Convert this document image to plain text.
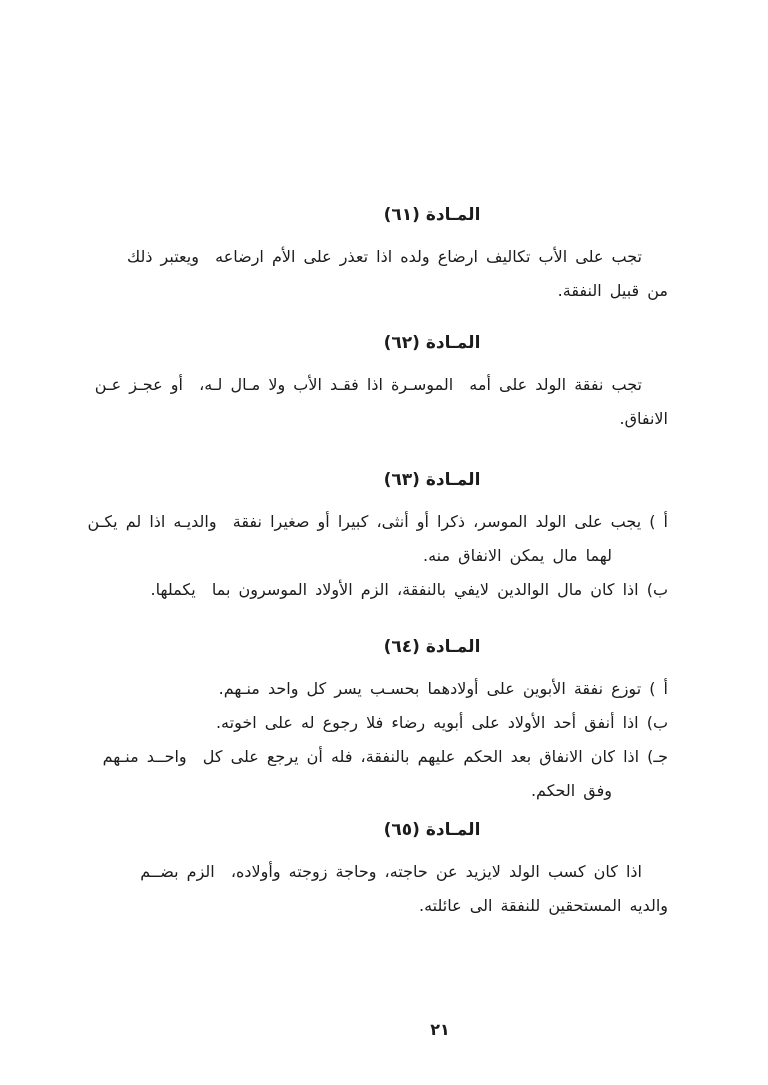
المـادة (٦١)

تجب على الأب تكاليف ارضاع ولده اذا تعذر على الأم ارضاعه  ويعتبر ذلك

من قبيل النفقة.

المـادة (٦٢)

تجب نفقة الولد على أمه  الموسـرة اذا فقـد الأب ولا مـال لـه،  أو عجـز عـن

الانفاق.

المـادة (٦٣)

أ ) يجب على الولد الموسر، ذكرا أو أنثى، كبيرا أو صغيرا نفقة  والديـه اذا لم يكـن

لهما مال يمكن الانفاق منه.

ب) اذا كان مال الوالدين لايفي بالنفقة، الزم الأولاد الموسرون بما  يكملها.

المـادة (٦٤)

أ ) توزع نفقة الأبوين على أولادهما بحسـب يسر كل واحد منـهم.

ب) اذا أنفق أحد الأولاد على أبويه رضاء فلا رجوع له على اخوته.

جـ) اذا كان الانفاق بعد الحكم عليهم بالنفقة، فله أن يرجع على كل  واحــد منـهم

وفق الحكم.

المـادة (٦٥)

اذا كان كسب الولد لايزيد عن حاجته، وحاجة زوجته وأولاده،  الزم بضــم

والديه المستحقين للنفقة الى عائلته.

٢١
